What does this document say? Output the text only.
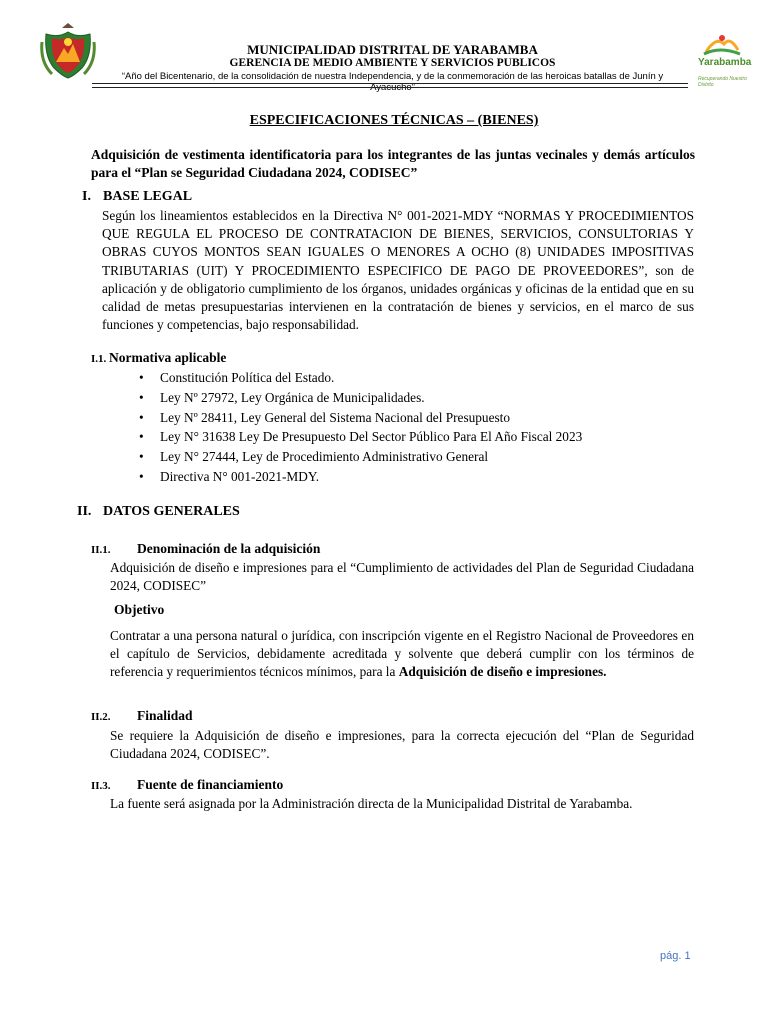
MUNICIPALIDAD DISTRITAL DE YARABAMBA
GERENCIA DE MEDIO AMBIENTE Y SERVICIOS PUBLICOS
“Año del Bicentenario, de la consolidación de nuestra Independencia, y de la conmemoración de las heroicas batallas de Junín y Ayacucho”
Yarabamba
Recuperando Nuestro Distrito
ESPECIFICACIONES TÉCNICAS – (BIENES)
Adquisición de vestimenta identificatoria para los integrantes de las juntas vecinales y demás artículos para el “Plan se Seguridad Ciudadana 2024, CODISEC”
I. BASE LEGAL
Según los lineamientos establecidos en la Directiva N° 001-2021-MDY “NORMAS Y PROCEDIMIENTOS QUE REGULA EL PROCESO DE CONTRATACION DE BIENES, SERVICIOS, CONSULTORIAS Y OBRAS CUYOS MONTOS SEAN IGUALES O MENORES A OCHO (8) UNIDADES IMPOSITIVAS TRIBUTARIAS (UIT) Y PROCEDIMIENTO ESPECIFICO DE PAGO DE PROVEEDORES”, son de aplicación y de obligatorio cumplimiento de los órganos, unidades orgánicas y oficinas de la entidad que en su calidad de metas presupuestarias intervienen en la contratación de bienes y servicios, en el marco de sus funciones y competencias, bajo responsabilidad.
I.1. Normativa aplicable
• Constitución Política del Estado.
• Ley Nº 27972, Ley Orgánica de Municipalidades.
• Ley Nº 28411, Ley General del Sistema Nacional del Presupuesto
• Ley N° 31638 Ley De Presupuesto Del Sector Público Para El Año Fiscal 2023
• Ley N° 27444, Ley de Procedimiento Administrativo General
• Directiva N° 001-2021-MDY.
II. DATOS GENERALES
II.1. Denominación de la adquisición
Adquisición de diseño e impresiones para el “Cumplimiento de actividades del Plan de Seguridad Ciudadana 2024, CODISEC”
Objetivo
Contratar a una persona natural o jurídica, con inscripción vigente en el Registro Nacional de Proveedores en el capítulo de Servicios, debidamente acreditada y solvente que deberá cumplir con los términos de referencia y requerimientos técnicos mínimos, para la Adquisición de diseño e impresiones.
II.2. Finalidad
Se requiere la Adquisición de diseño e impresiones, para la correcta ejecución del “Plan de Seguridad Ciudadana 2024, CODISEC”.
II.3. Fuente de financiamiento
La fuente será asignada por la Administración directa de la Municipalidad Distrital de Yarabamba.
pág. 1
